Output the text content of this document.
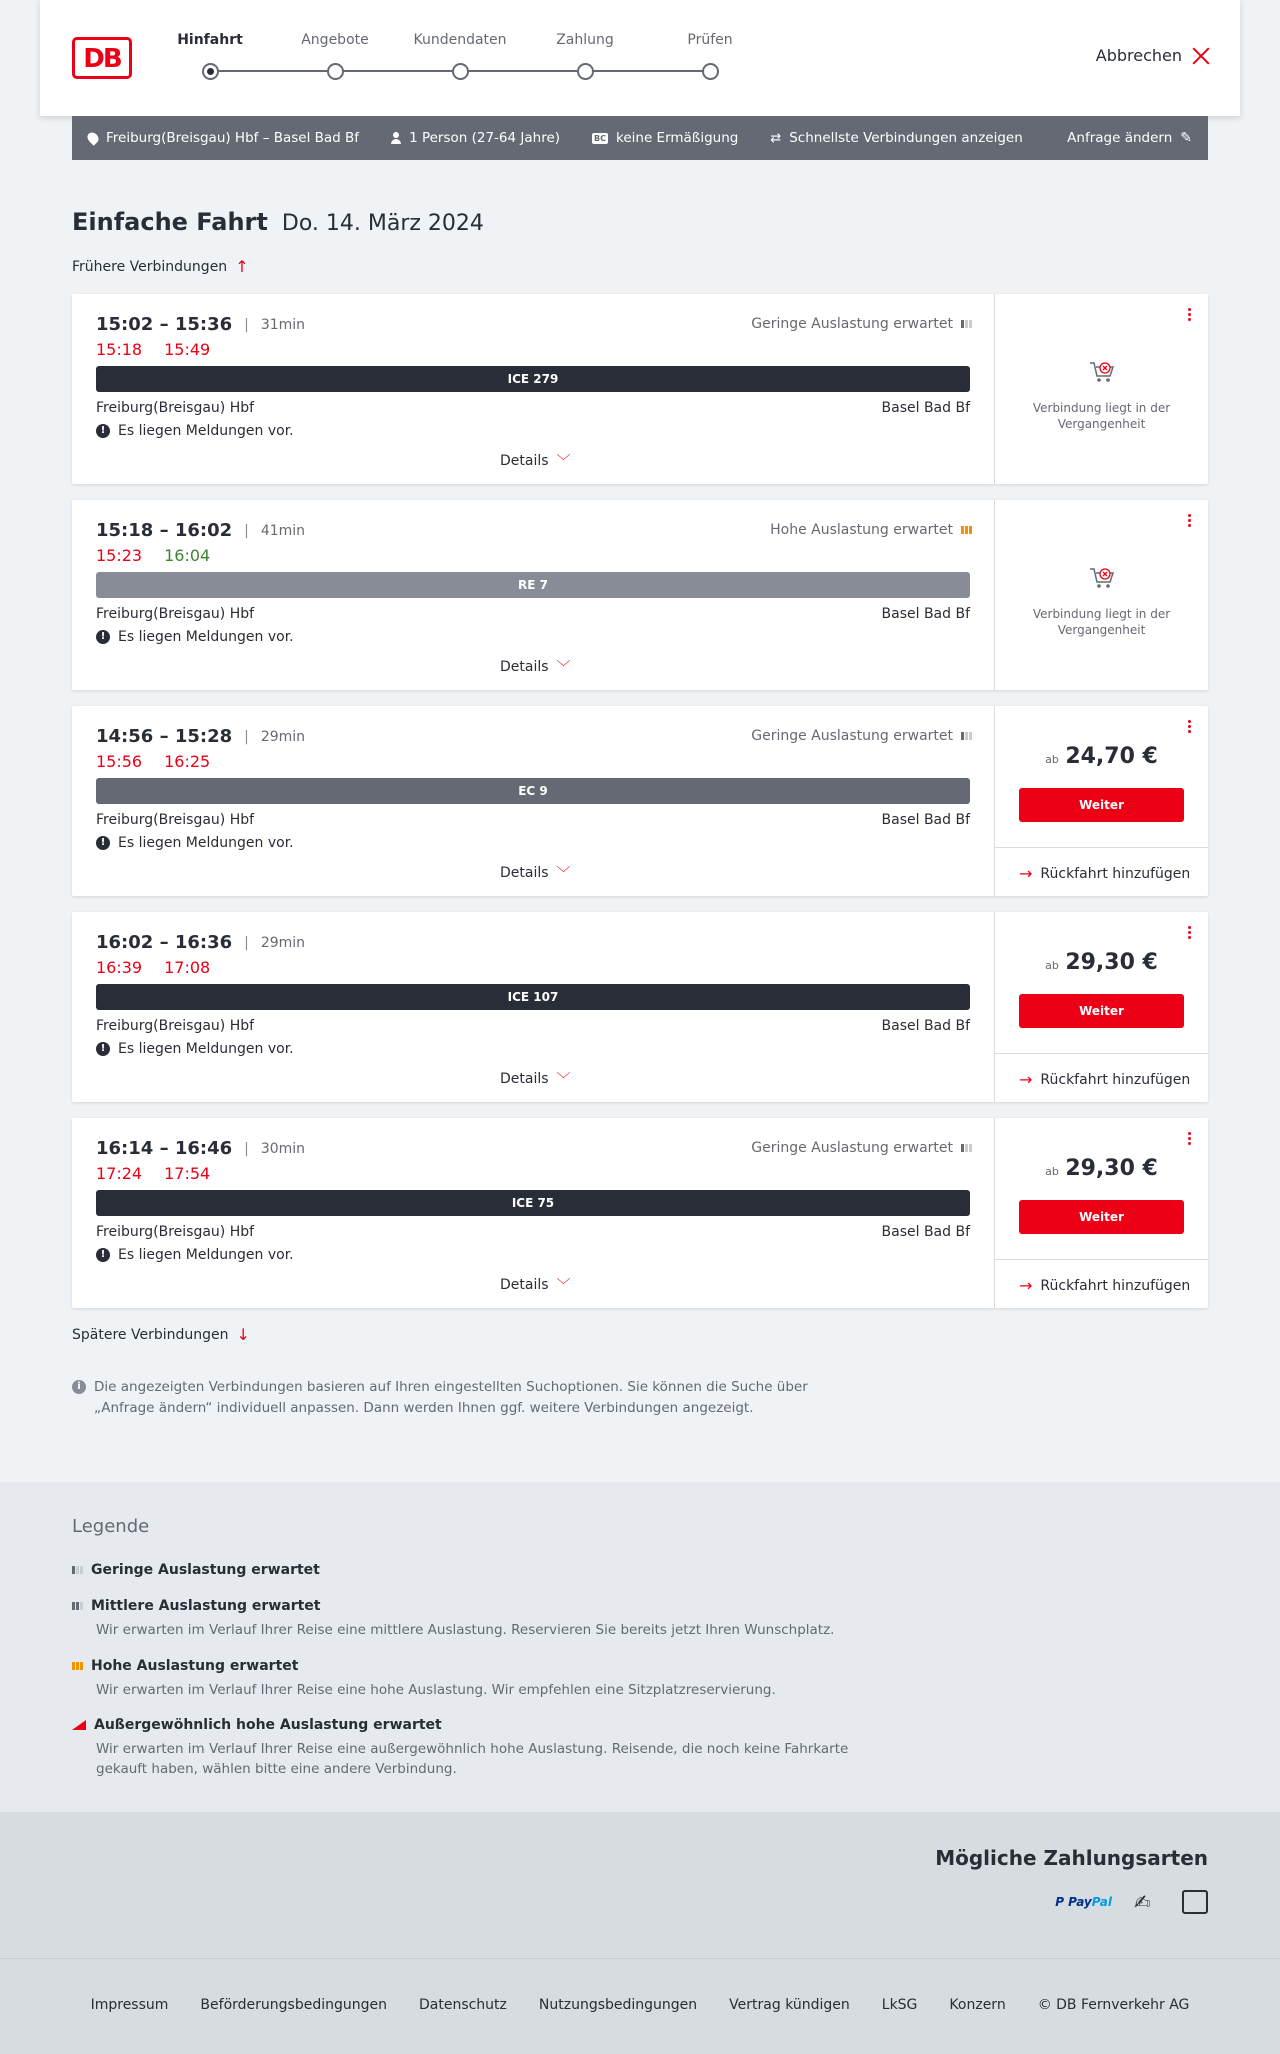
DB
Hinfahrt	Angebote	Kundendaten	Zahlung	Prüfen
Abbrechen
Freiburg(Breisgau) Hbf – Basel Bad Bf	1 Person (27-64 Jahre)	BC keine Ermäßigung ⇄ Schnellste Verbindungen anzeigen	Anfrage ändern ✎
Einfache Fahrt Do. 14. März 2024
Frühere Verbindungen ↑
15:02 – 15:36 | 31min
15:18 15:49
Geringe Auslastung erwartet
ICE 279
Freiburg(Breisgau) Hbf	Basel Bad Bf
! Es liegen Meldungen vor.
Details ﹀
Verbindung liegt in der Vergangenheit
15:18 – 16:02 | 41min
15:23 16:04
Hohe Auslastung erwartet
RE 7
Freiburg(Breisgau) Hbf	Basel Bad Bf
! Es liegen Meldungen vor.
Details ﹀
Verbindung liegt in der Vergangenheit
14:56 – 15:28 | 29min
15:56 16:25
Geringe Auslastung erwartet
EC 9
Freiburg(Breisgau) Hbf	Basel Bad Bf
! Es liegen Meldungen vor.
Details ﹀
ab 24,70 €
Weiter
→ Rückfahrt hinzufügen
16:02 – 16:36 | 29min
16:39 17:08
ICE 107
Freiburg(Breisgau) Hbf	Basel Bad Bf
! Es liegen Meldungen vor.
Details ﹀
ab 29,30 €
Weiter
→ Rückfahrt hinzufügen
16:14 – 16:46 | 30min
17:24 17:54
Geringe Auslastung erwartet
ICE 75
Freiburg(Breisgau) Hbf	Basel Bad Bf
! Es liegen Meldungen vor.
Details ﹀
ab 29,30 €
Weiter
→ Rückfahrt hinzufügen
Spätere Verbindungen ↓
i Die angezeigten Verbindungen basieren auf Ihren eingestellten Suchoptionen. Sie können die Suche über „Anfrage ändern“ individuell anpassen. Dann werden Ihnen ggf. weitere Verbindungen angezeigt.
Legende
Geringe Auslastung erwartet
Mittlere Auslastung erwartet
Wir erwarten im Verlauf Ihrer Reise eine mittlere Auslastung. Reservieren Sie bereits jetzt Ihren Wunschplatz.
Hohe Auslastung erwartet
Wir erwarten im Verlauf Ihrer Reise eine hohe Auslastung. Wir empfehlen eine Sitzplatzreservierung.
Außergewöhnlich hohe Auslastung erwartet
Wir erwarten im Verlauf Ihrer Reise eine außergewöhnlich hohe Auslastung. Reisende, die noch keine Fahrkarte gekauft haben, wählen bitte eine andere Verbindung.
Mögliche Zahlungsarten
P PayPal ✍
Impressum Beförderungsbedingungen Datenschutz Nutzungsbedingungen Vertrag kündigen LkSG Konzern © DB Fernverkehr AG
